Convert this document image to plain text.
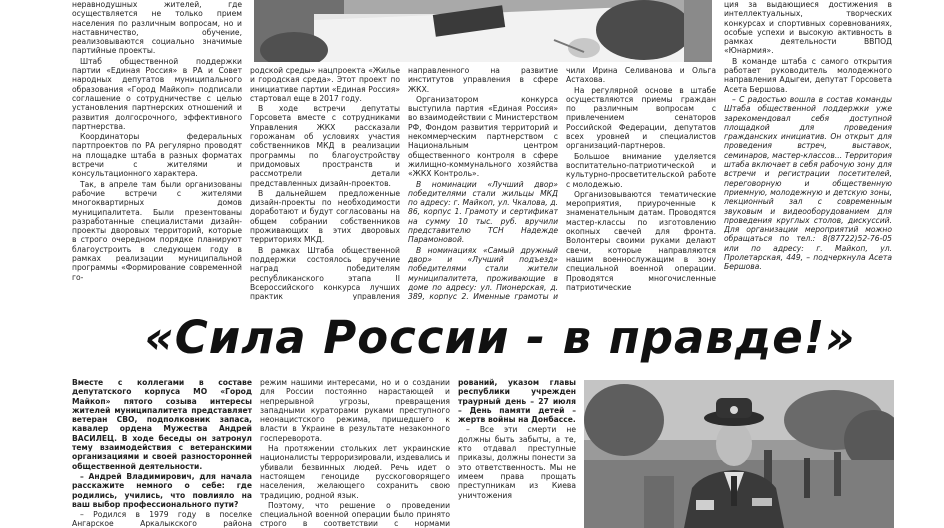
неравнодушных жителей, где осуществляется не только прием населения по различным вопросам, но и наставничество, обучение, реализовываются социально значимые партийные проекты.

Штаб общественной поддержки партии «Единая Россия» в РА и Совет народных депутатов муниципального образования «Город Майкоп» подписали соглашение о сотрудничестве с целью установления партнерских отношений и развития долгосрочного, эффективного партнерства.

Координаторы федеральных партпроектов по РА регулярно проводят на площадке штаба в разных форматах встречи с жителями и консультационного характера.

Так, в апреле там были организованы рабочие встречи с жителями многоквартирных домов муниципалитета. Были презентованы разработанные специалистами дизайн-проекты дворовых территорий, которые в строго очередном порядке планируют благоустроить в следующем году в рамках реализации муниципальной программы «Формирование современной го-

родской среды» нацпроекта «Жилье и городская среда». Этот проект по инициативе партии «Единая Россия» стартовал еще в 2017 году.

В ходе встречи депутаты Горсовета вместе с сотрудниками Управления ЖКХ рассказали горожанам об условиях участия собственников МКД в реализации программы по благоустройству придомовых пространств и рассмотрели детали представленных дизайн-проектов.

В дальнейшем предложенные дизайн-проекты по необходимости доработают и будут согласованы на общем собрании собственников проживающих в этих дворовых территориях МКД.

В рамках Штаба общественной поддержки состоялось вручение наград победителям республиканского этапа II Всероссийского конкурса лучших практик управления

направленного на развитие институтов управления в сфере ЖКХ.

Организатором конкурса выступила партия «Единая Россия» во взаимодействии с Министерством РФ, Фондом развития территорий и некоммерческим партнерством с Национальным центром общественного контроля в сфере жилищно-коммунального хозяйства «ЖКХ Контроль».

В номинации «Лучший двор» победителями стали жильцы МКД по адресу: г. Майкоп, ул. Чкалова, д. 86, корпус 1. Грамоту и сертификат на сумму 10 тыс. руб. вручили представителю ТСН Надежде Парамоновой.

В номинациях «Самый дружный двор» и «Лучший подъезд» победителями стали жители муниципалитета, проживающие в доме по адресу: ул. Пионерская, д. 389, корпус 2. Именные грамоты и

чили Ирина Селиванова и Ольга Астахова.

На регулярной основе в штабе осуществляются приемы граждан по различным вопросам с привлечением сенаторов Российской Федерации, депутатов всех уровней и специалистов организаций-партнеров.

Большое внимание уделяется воспитательно-патриотической и культурно-просветительской работе с молодежью.

Организовываются тематические мероприятия, приуроченные к знаменательным датам. Проводятся мастер-классы по изготовлению окопных свечей для фронта. Волонтеры своими руками делают свечи, которые направляются нашим военнослужащим в зону специальной военной операции. Проводятся многочисленные патриотические

ция за выдающиеся достижения в интеллектуальных, творческих конкурсах и спортивных соревнованиях, особые успехи и высокую активность в рамках деятельности ВВПОД «Юнармия».

В команде штаба с самого открытия работает руководитель молодежного направления Адыгеи, депутат Горсовета Асета Бершова.

– С радостью вошла в состав команды Штаба общественной поддержки уже зарекомендовал себя доступной площадкой для проведения гражданских инициатив. Он открыт для проведения встреч, выставок, семинаров, мастер-классов... Территория штаба включает в себя рабочую зону для встречи и регистрации посетителей, переговорную и общественную приемную, молодежную и детскую зоны, лекционный зал с современным звуковым и видеооборудованием для проведения круглых столов, дискуссий. Для организации мероприятий можно обращаться по тел.: 8(87722)52-76-05 или по адресу: г. Майкоп, ул. Пролетарская, 449, – подчеркнула Асета Бершова.

«Сила России - в правде!»

Вместе с коллегами в составе депутатского корпуса МО «Город Майкоп» пятого созыва интересы жителей муниципалитета представляет ветеран СВО, подполковник запаса, кавалер ордена Мужества Андрей ВАСИЛЕЦ. В ходе беседы он затронул тему взаимодействия с ветеранскими организациями и своей разносторонней общественной деятельности.

– Андрей Владимирович, для начала расскажите немного о себе: где родились, учились, что повлияло на ваш выбор профессионального пути?

– Родился в 1979 году в поселке Ангарское Аркалыкского района

режим нашими интересами, но и о создании для России постоянно нарастающей и непрерывной угрозы, превращения западными кураторами руками преступного неонацистского режима, пришедшего к власти в Украине в результате незаконного госпереворота.

На протяжении стольких лет украинские националисты терроризировали, издевались и убивали безвинных людей. Речь идет о настоящем геноциде русскоговорящего населения, желающего сохранить свою традицию, родной язык.

Поэтому, что решение о проведении специальной военной операции было принято строго в соответствии с нормами

рований, указом главы республики учрежден траурный день – 27 июля – День памяти детей – жертв войны на Донбассе.

– Все эти смерти не должны быть забыты, а те, кто отдавал преступные приказы, должны понести за это ответственность. Мы не имеем права прощать преступникам из Киева уничтожения
